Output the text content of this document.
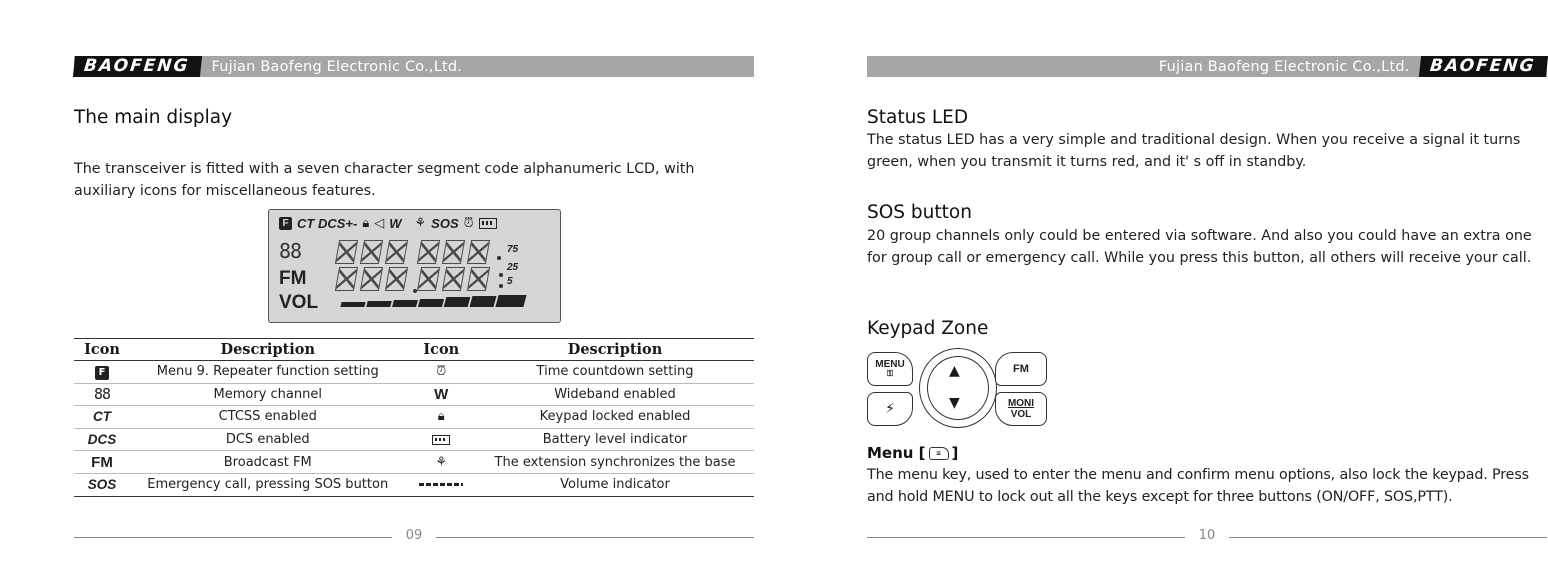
BAOFENG	Fujian Baofeng Electronic Co.,Ltd.
The main display
The transceiver is fitted with a seven character segment code alphanumeric LCD, with auxiliary icons for miscellaneous features.
F CT DCS+- 🔒︎ ◁ W ⚘ SOS ⏰︎
88
FM
VOL
75
25
5
Icon	Description	Icon	Description
F	Menu 9. Repeater function setting	⏰︎	Time countdown setting
88	Memory channel	W	Wideband enabled
CT	CTCSS enabled	🔒︎	Keypad locked enabled
DCS	DCS enabled		Battery level indicator
FM	Broadcast FM	⚘	The extension synchronizes the base
SOS	Emergency call, pressing SOS button		Volume indicator
09
Fujian Baofeng Electronic Co.,Ltd.	BAOFENG
Status LED
The status LED has a very simple and traditional design. When you receive a signal it turns green, when you transmit it turns red, and it' s off in standby.
SOS button
20 group channels only could be entered via software. And also you could have an extra one for group call or emergency call. While you press this button, all others will receive your call.
Keypad Zone
MENU
⚿
⚡︎
▲
▼
FM
MONI
VOL
Menu [	≡ ]
The menu key, used to enter the menu and confirm menu options, also lock the keypad. Press and hold MENU to lock out all the keys except for three buttons (ON/OFF, SOS,PTT).
10
